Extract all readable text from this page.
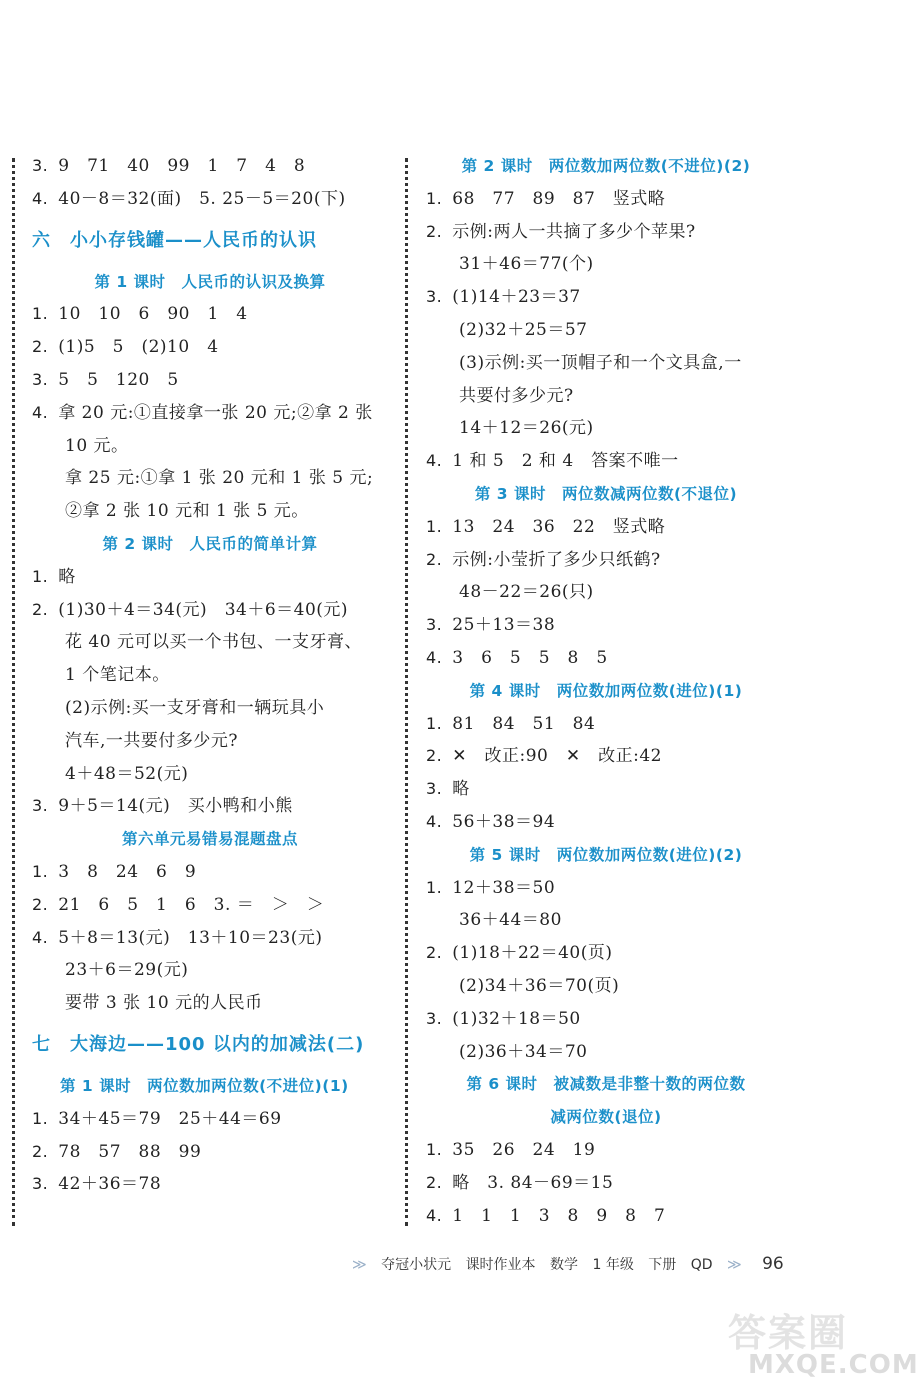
3. 9　71　40　99　1　7　4　8
4. 40－8＝32(面)　5. 25－5＝20(下)
六　小小存钱罐——人民币的认识
第 1 课时　人民币的认识及换算
1. 10　10　6　90　1　4
2. (1)5　5　(2)10　4
3. 5　5　120　5
4. 拿 20 元:①直接拿一张 20 元;②拿 2 张
10 元。
拿 25 元:①拿 1 张 20 元和 1 张 5 元;
②拿 2 张 10 元和 1 张 5 元。
第 2 课时　人民币的简单计算
1. 略
2. (1)30＋4＝34(元)　34＋6＝40(元)
花 40 元可以买一个书包、一支牙膏、
1 个笔记本。
(2)示例:买一支牙膏和一辆玩具小
汽车,一共要付多少元?
4＋48＝52(元)
3. 9＋5＝14(元)　买小鸭和小熊
第六单元易错易混题盘点
1. 3　8　24　6　9
2. 21　6　5　1　6　3. ＝　＞　＞
4. 5＋8＝13(元)　13＋10＝23(元)
23＋6＝29(元)
要带 3 张 10 元的人民币
七　大海边——100 以内的加减法(二)
第 1 课时　两位数加两位数(不进位)(1)
1. 34＋45＝79　25＋44＝69
2. 78　57　88　99
3. 42＋36＝78
第 2 课时　两位数加两位数(不进位)(2)
1. 68　77　89　87　竖式略
2. 示例:两人一共摘了多少个苹果?
31＋46＝77(个)
3. (1)14＋23＝37
(2)32＋25＝57
(3)示例:买一顶帽子和一个文具盒,一
共要付多少元?
14＋12＝26(元)
4. 1 和 5　2 和 4　答案不唯一
第 3 课时　两位数减两位数(不退位)
1. 13　24　36　22　竖式略
2. 示例:小莹折了多少只纸鹤?
48－22＝26(只)
3. 25＋13＝38
4. 3　6　5　5　8　5
第 4 课时　两位数加两位数(进位)(1)
1. 81　84　51　84
2. ✕　改正:90　✕　改正:42
3. 略
4. 56＋38＝94
第 5 课时　两位数加两位数(进位)(2)
1. 12＋38＝50
36＋44＝80
2. (1)18＋22＝40(页)
(2)34＋36＝70(页)
3. (1)32＋18＝50
(2)36＋34＝70
第 6 课时　被减数是非整十数的两位数
减两位数(退位)
1. 35　26　24　19
2. 略　3. 84－69＝15
4. 1　1　1　3　8　9　8　7
≫ 夺冠小状元 课时作业本 数学 1 年级 下册 QD ≫ 96
答案圈
MXQE.COM
